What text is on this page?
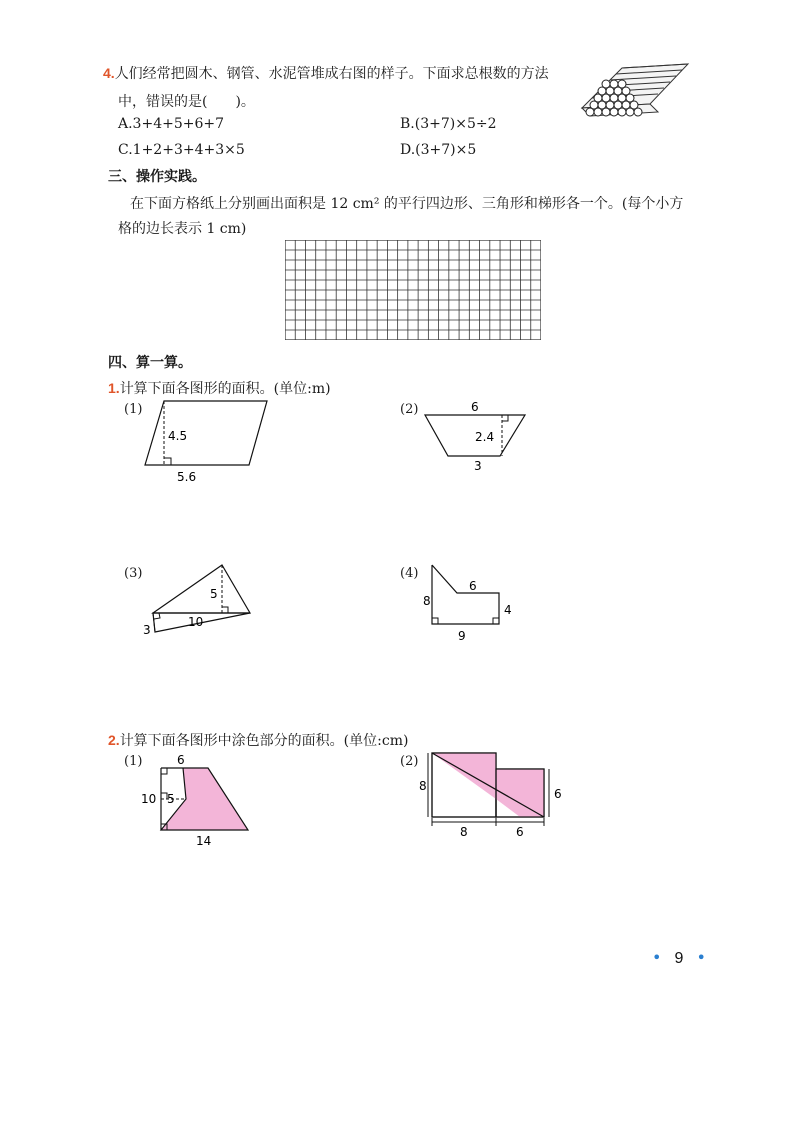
4.人们经常把圆木、钢管、水泥管堆成右图的样子。下面求总根数的方法
中，错误的是(　　)。
A.3+4+5+6+7	B.(3+7)×5÷2
C.1+2+3+4+3×5	D.(3+7)×5
三、操作实践。
在下面方格纸上分别画出面积是 12 cm² 的平行四边形、三角形和梯形各一个。(每个小方
格的边长表示 1 cm)
四、算一算。
1.计算下面各图形的面积。(单位:m)
(1)
4.5
5.6
(2)	6
2.4
3
(3)
5
10
3
(4)
8
6
4
9
2.计算下面各图形中涂色部分的面积。(单位:cm)
(1)	6
10 5
14
(2)
8
6
8	6
• 9 •
